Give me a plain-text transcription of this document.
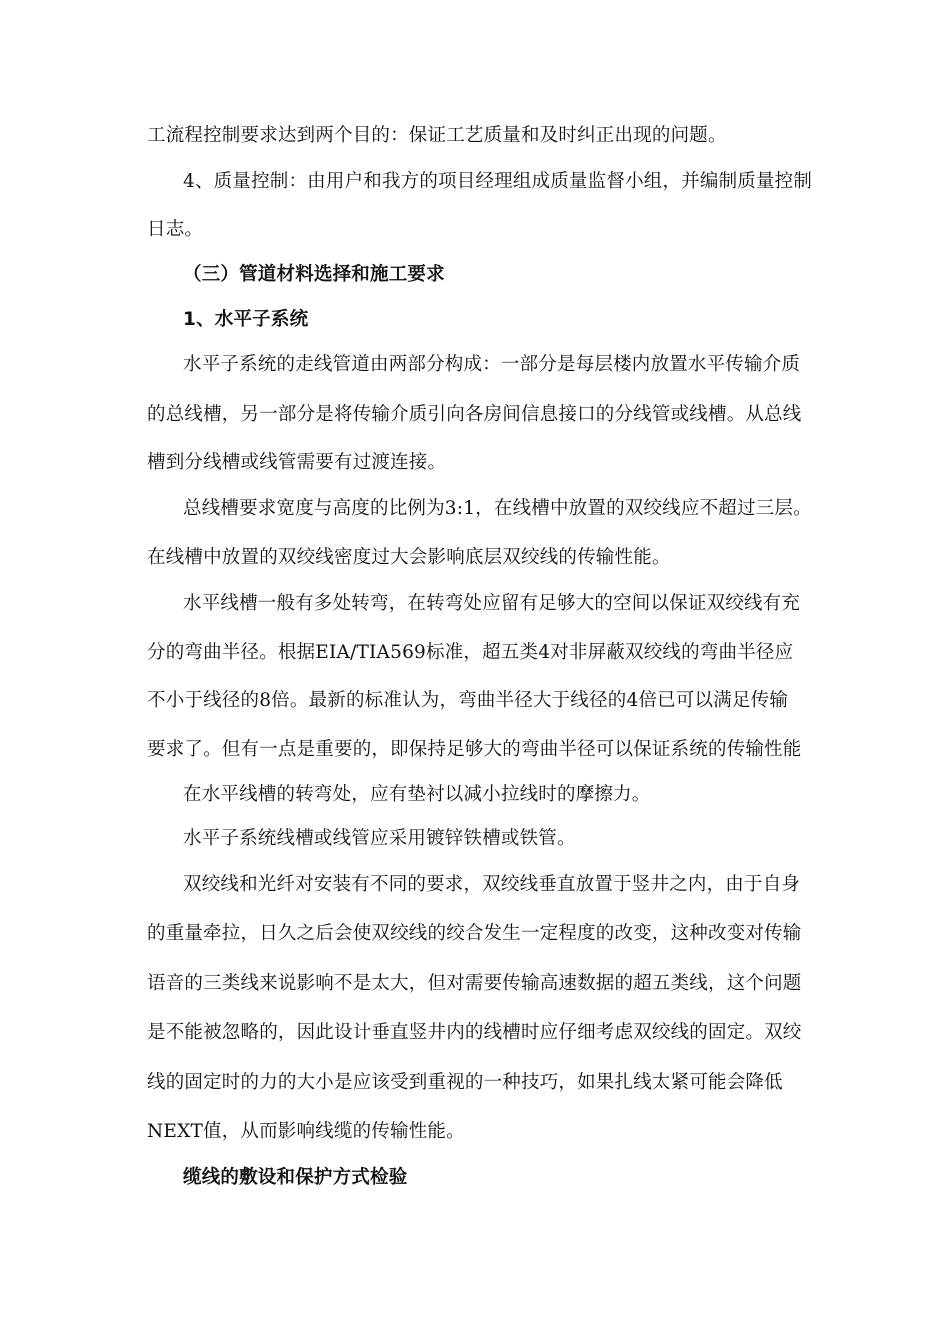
工流程控制要求达到两个目的：保证工艺质量和及时纠正出现的问题。
4、质量控制：由用户和我方的项目经理组成质量监督小组，并编制质量控制
日志。
（三）管道材料选择和施工要求
1、水平子系统
水平子系统的走线管道由两部分构成：一部分是每层楼内放置水平传输介质
的总线槽，另一部分是将传输介质引向各房间信息接口的分线管或线槽。从总线
槽到分线槽或线管需要有过渡连接。
总线槽要求宽度与高度的比例为3:1，在线槽中放置的双绞线应不超过三层。
在线槽中放置的双绞线密度过大会影响底层双绞线的传输性能。
水平线槽一般有多处转弯，在转弯处应留有足够大的空间以保证双绞线有充
分的弯曲半径。根据EIA/TIA569标准，超五类4对非屏蔽双绞线的弯曲半径应
不小于线径的8倍。最新的标准认为，弯曲半径大于线径的4倍已可以满足传输
要求了。但有一点是重要的，即保持足够大的弯曲半径可以保证系统的传输性能
在水平线槽的转弯处，应有垫衬以减小拉线时的摩擦力。
水平子系统线槽或线管应采用镀锌铁槽或铁管。
双绞线和光纤对安装有不同的要求，双绞线垂直放置于竖井之内，由于自身
的重量牵拉，日久之后会使双绞线的绞合发生一定程度的改变，这种改变对传输
语音的三类线来说影响不是太大，但对需要传输高速数据的超五类线，这个问题
是不能被忽略的，因此设计垂直竖井内的线槽时应仔细考虑双绞线的固定。双绞
线的固定时的力的大小是应该受到重视的一种技巧，如果扎线太紧可能会降低
NEXT值，从而影响线缆的传输性能。
缆线的敷设和保护方式检验
